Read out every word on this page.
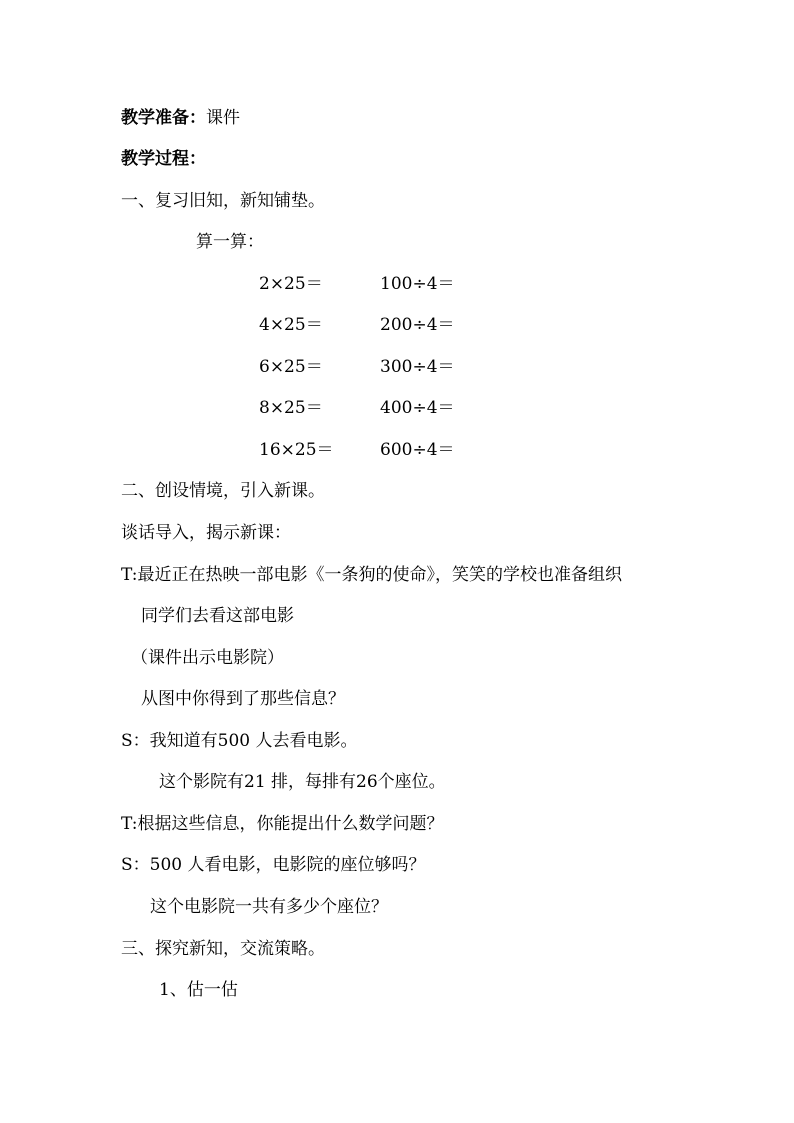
教学准备：课件
教学过程：
一、复习旧知，新知铺垫。
算一算：
2×25＝	100÷4＝
4×25＝	200÷4＝
6×25＝	300÷4＝
8×25＝	400÷4＝
16×25＝	600÷4＝
二、创设情境，引入新课。
谈话导入，揭示新课：
T:最近正在热映一部电影《一条狗的使命》，笑笑的学校也准备组织
同学们去看这部电影
（课件出示电影院）
从图中你得到了那些信息？
S：我知道有500 人去看电影。
这个影院有21 排，每排有26个座位。
T:根据这些信息，你能提出什么数学问题？
S：500 人看电影，电影院的座位够吗？
这个电影院一共有多少个座位？
三、探究新知，交流策略。
1、估一估
